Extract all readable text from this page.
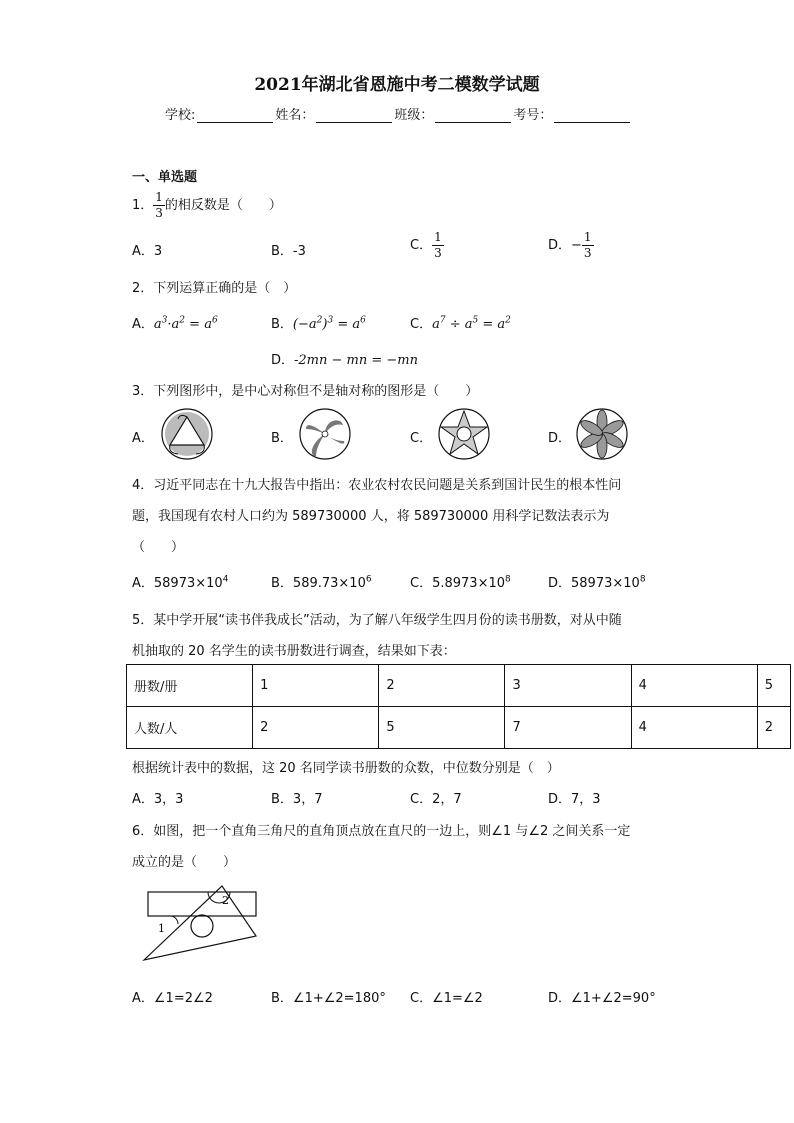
2021年湖北省恩施中考二模数学试题
学校:	姓名：	班级：	考号：
一、单选题
1． $\frac{1}{3}$ 的相反数是（　　）
A．3	B．-3	C． $\frac{1}{3}$	D．− $\frac{1}{3}$
2．下列运算正确的是（　）
A．$a^3\cdot a^2 = a^6$	B．$(-a^2)^3 = a^6$	C．$a^7 \div a^5 = a^2$
D．-2mn − mn = −mn
3．下列图形中，是中心对称但不是轴对称的图形是（　　）
A．	B．	C．	D．
4．习近平同志在十九大报告中指出：农业农村农民问题是关系到国计民生的根本性问
题，我国现有农村人口约为 589730000 人，将 589730000 用科学记数法表示为
（　　）
A．$58973\times 10^4$	B．$589.73\times 10^6$	C．$5.8973\times 10^8$	D．$58973\times 10^8$
5．某中学开展“读书伴我成长”活动，为了解八年级学生四月份的读书册数，对从中随
机抽取的 20 名学生的读书册数进行调查，结果如下表：
册数/册	1	2	3	4	5
人数/人	2	5	7	4	2
根据统计表中的数据，这 20 名同学读书册数的众数，中位数分别是（　）
A．3，3	B．3，7	C．2，7	D．7，3
6．如图，把一个直角三角尺的直角顶点放在直尺的一边上，则∠1 与∠2 之间关系一定
成立的是（　　）
1
2
A．∠1=2∠2	B．∠1+∠2=180° C．∠1=∠2	D．∠1+∠2=90°
